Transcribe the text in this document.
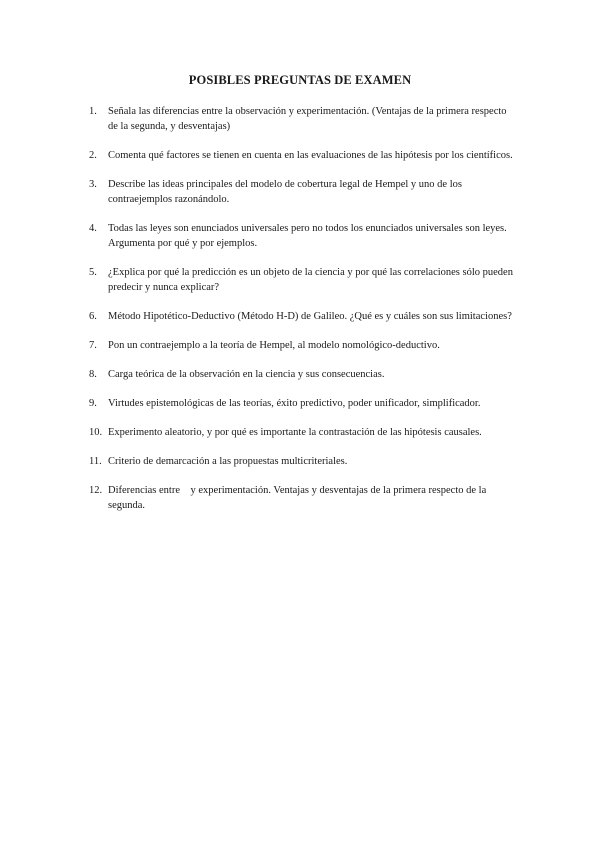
POSIBLES PREGUNTAS DE EXAMEN
1. Señala las diferencias entre la observación y experimentación. (Ventajas de la primera respecto de la segunda, y desventajas)
2. Comenta qué factores se tienen en cuenta en las evaluaciones de las hipótesis por los científicos.
3. Describe las ideas principales del modelo de cobertura legal de Hempel y uno de los contraejemplos razonándolo.
4. Todas las leyes son enunciados universales pero no todos los enunciados universales son leyes. Argumenta por qué y por ejemplos.
5. ¿Explica por qué la predicción es un objeto de la ciencia y por qué las correlaciones sólo pueden predecir y nunca explicar?
6. Método Hipotético-Deductivo (Método H-D) de Galileo. ¿Qué es y cuáles son sus limitaciones?
7. Pon un contraejemplo a la teoría de Hempel, al modelo nomológico-deductivo.
8. Carga teórica de la observación en la ciencia y sus consecuencias.
9. Virtudes epistemológicas de las teorías, éxito predictivo, poder unificador, simplificador.
10. Experimento aleatorio, y por qué es importante la contrastación de las hipótesis causales.
11. Criterio de demarcación a las propuestas multicriteriales.
12. Diferencias entre    y experimentación. Ventajas y desventajas de la primera respecto de la segunda.
